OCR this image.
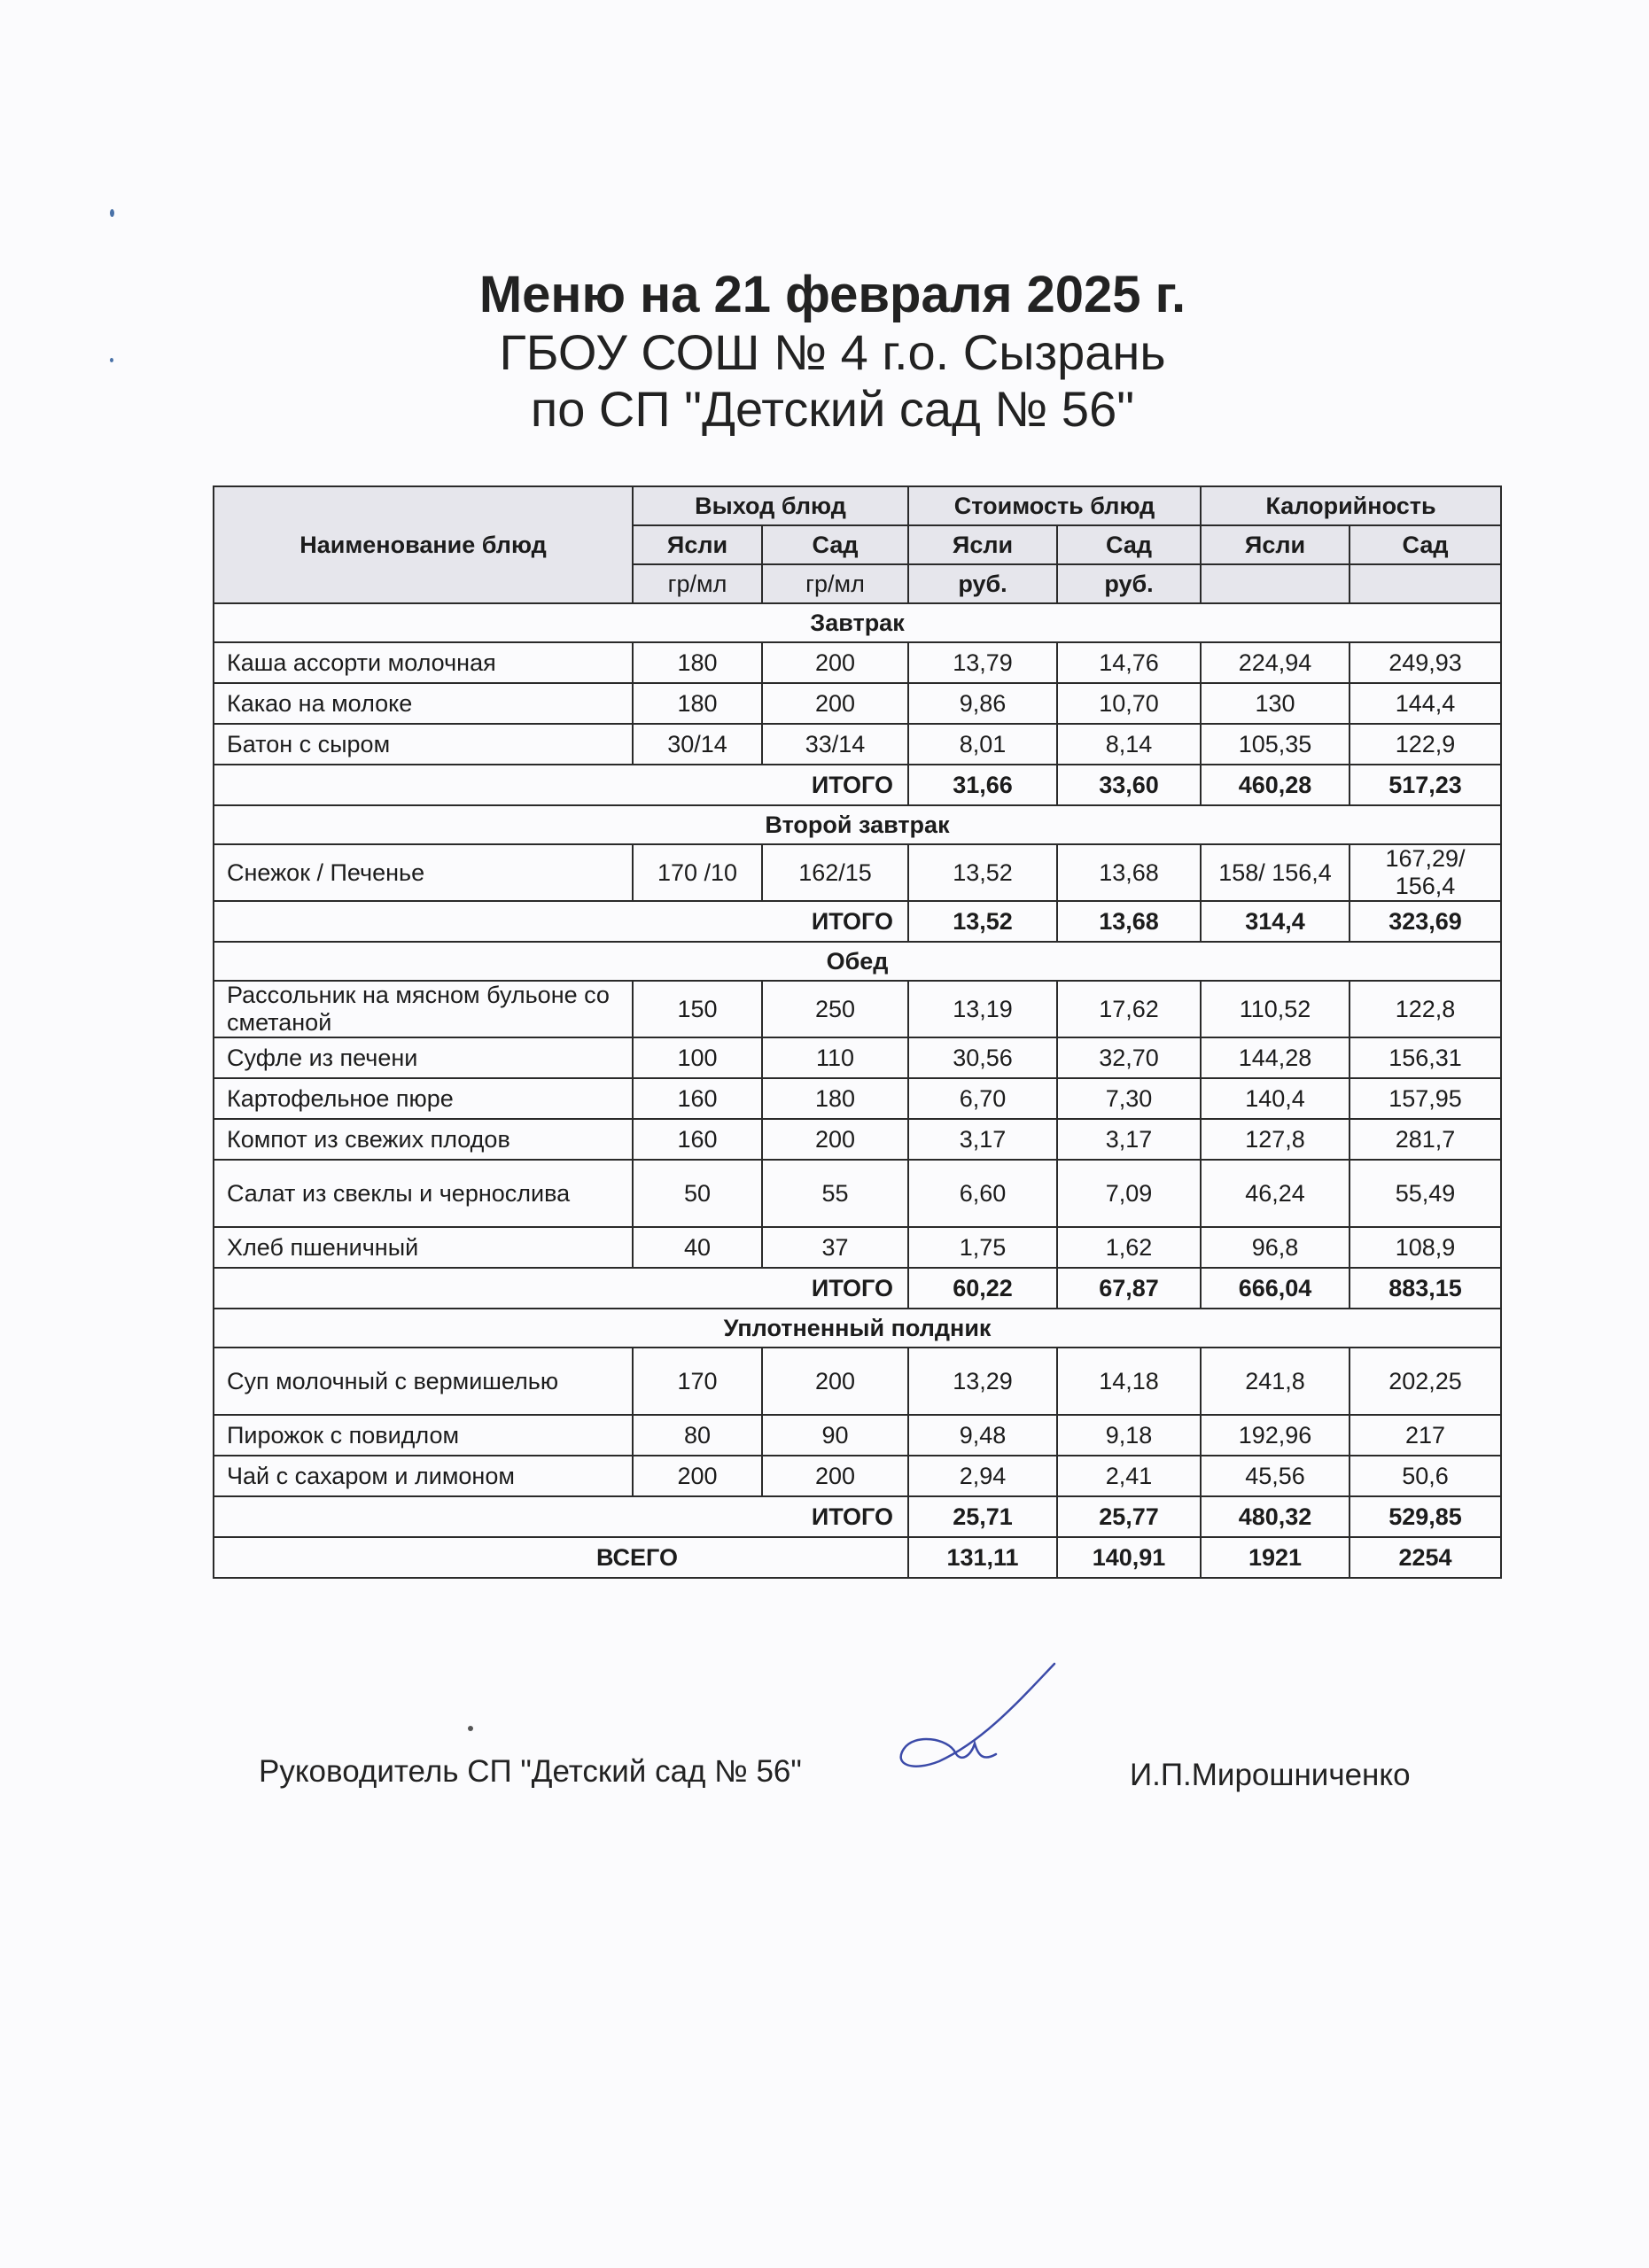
Меню на 21 февраля 2025 г.
ГБОУ СОШ № 4 г.о. Сызрань
по СП "Детский сад № 56"
Наименование блюд	Выход блюд		Стоимость блюд		Калорийность	
	Ясли	Сад	Ясли	Сад	Ясли	Сад
	гр/мл	гр/мл	руб.	руб.		
Завтрак						
Каша ассорти молочная	180	200	13,79	14,76	224,94	249,93
Какао на молоке	180	200	9,86	10,70	130	144,4
Батон с сыром	30/14	33/14	8,01	8,14	105,35	122,9
ИТОГО			31,66	33,60	460,28	517,23
Второй завтрак						
Снежок / Печенье	170 /10	162/15	13,52	13,68	158/ 156,4	167,29/ 156,4
ИТОГО			13,52	13,68	314,4	323,69
Обед						
Рассольник на мясном бульоне со сметаной	150	250	13,19	17,62	110,52	122,8
Суфле из печени	100	110	30,56	32,70	144,28	156,31
Картофельное пюре	160	180	6,70	7,30	140,4	157,95
Компот из свежих плодов	160	200	3,17	3,17	127,8	281,7
Салат из свеклы и чернослива	50	55	6,60	7,09	46,24	55,49
Хлеб пшеничный	40	37	1,75	1,62	96,8	108,9
ИТОГО			60,22	67,87	666,04	883,15
Уплотненный полдник						
Суп молочный с вермишелью	170	200	13,29	14,18	241,8	202,25
Пирожок с повидлом	80	90	9,48	9,18	192,96	217
Чай с сахаром и лимоном	200	200	2,94	2,41	45,56	50,6
ИТОГО			25,71	25,77	480,32	529,85
ВСЕГО			131,11	140,91	1921	2254
Руководитель СП "Детский сад № 56"	И.П.Мирошниченко
